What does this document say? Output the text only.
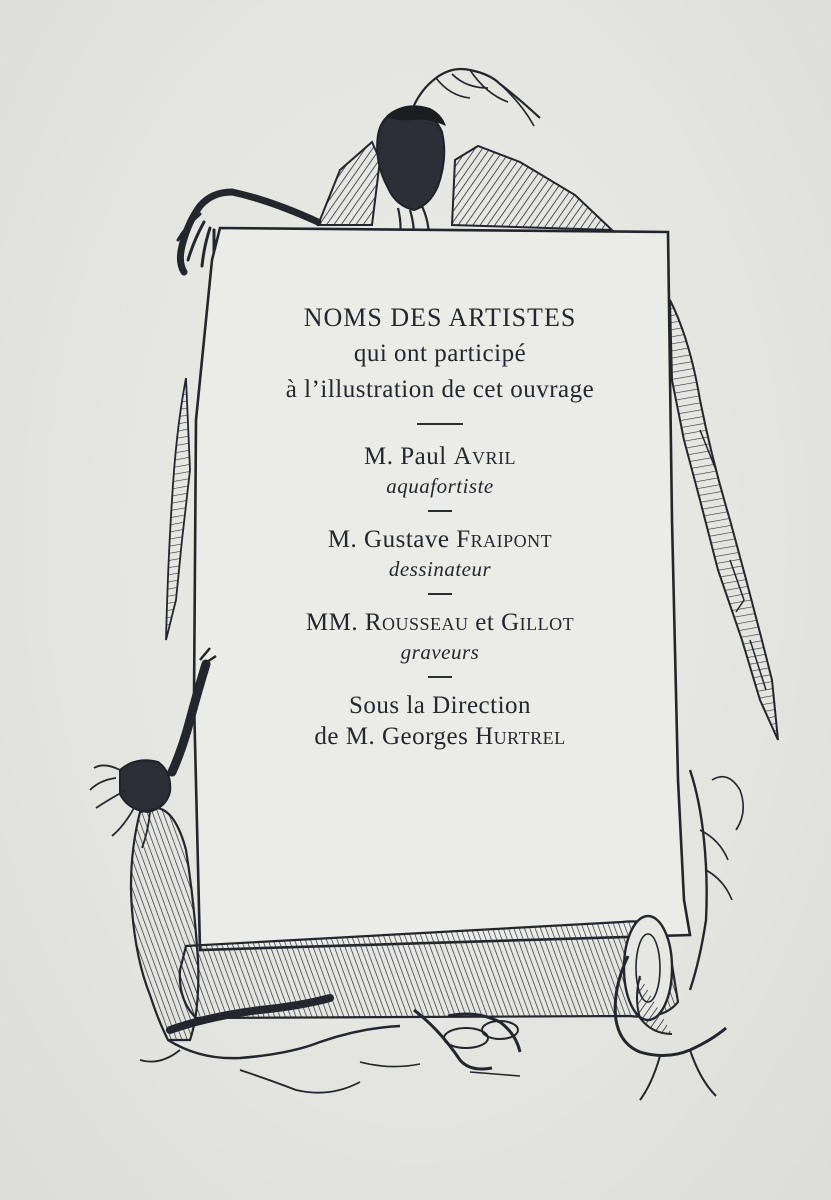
NOMS DES ARTISTES
qui ont participé
à l’illustration de cet ouvrage
M. Paul Avril
aquafortiste
M. Gustave Fraipont
dessinateur
MM. Rousseau et Gillot
graveurs
Sous la Direction
de M. Georges Hurtrel
